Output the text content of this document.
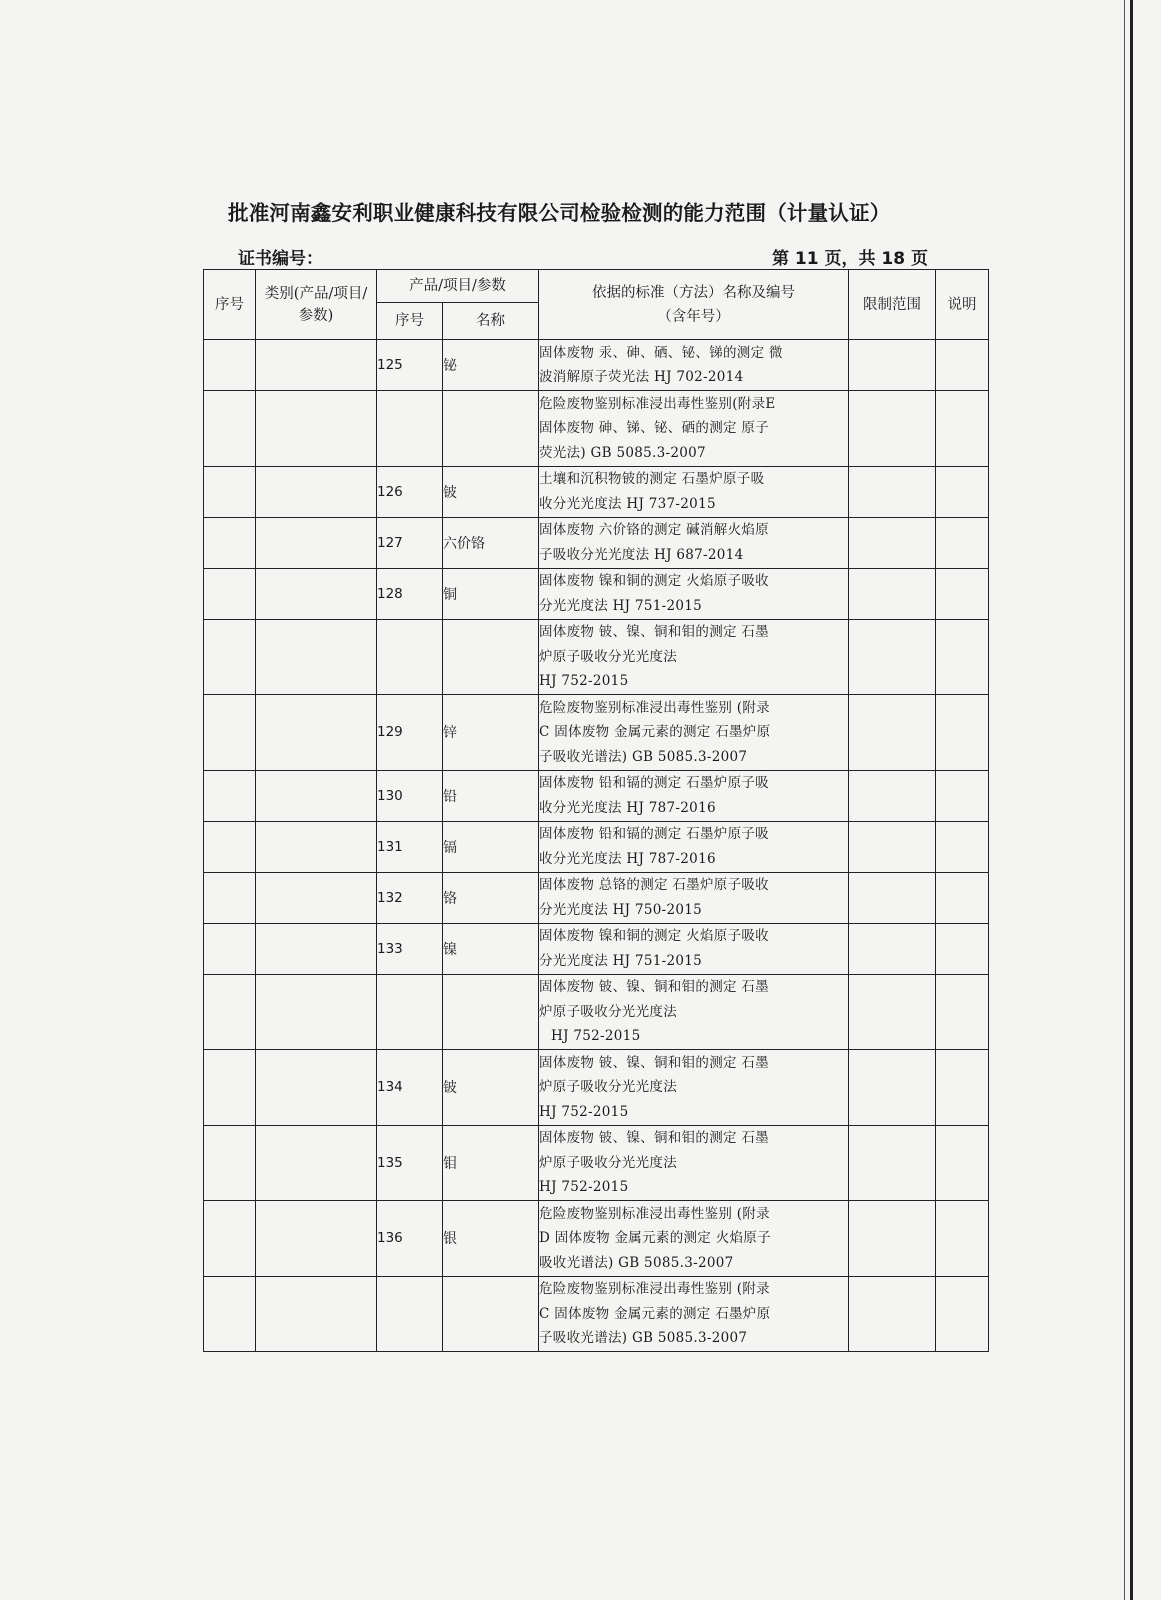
批准河南鑫安利职业健康科技有限公司检验检测的能力范围（计量认证）
证书编号：	第 11 页，共 18 页
序号	类别(产品/项目/参数)	产品/项目/参数		依据的标准（方法）名称及编号（含年号）	限制范围	说明
		序号	名称			
		125	铋	固体废物 汞、砷、硒、铋、锑的测定 微
波消解原子荧光法 HJ 702-2014		

				危险废物鉴别标准浸出毒性鉴别(附录E
固体废物 砷、锑、铋、硒的测定 原子
荧光法) GB 5085.3-2007		

		126	铍	土壤和沉积物铍的测定 石墨炉原子吸
收分光光度法 HJ 737-2015		

		127	六价铬	固体废物 六价铬的测定 碱消解火焰原
子吸收分光光度法 HJ 687-2014		

		128	铜	固体废物 镍和铜的测定 火焰原子吸收
分光光度法 HJ 751-2015		

				固体废物 铍、镍、铜和钼的测定 石墨
炉原子吸收分光光度法
HJ 752-2015		

		129	锌	危险废物鉴别标准浸出毒性鉴别 (附录
C 固体废物 金属元素的测定 石墨炉原
子吸收光谱法) GB 5085.3-2007		

		130	铅	固体废物 铅和镉的测定 石墨炉原子吸
收分光光度法 HJ 787-2016		

		131	镉	固体废物 铅和镉的测定 石墨炉原子吸
收分光光度法 HJ 787-2016		

		132	铬	固体废物 总铬的测定 石墨炉原子吸收
分光光度法 HJ 750-2015		

		133	镍	固体废物 镍和铜的测定 火焰原子吸收
分光光度法 HJ 751-2015		

				固体废物 铍、镍、铜和钼的测定 石墨
炉原子吸收分光光度法
HJ 752-2015		

		134	铍	固体废物 铍、镍、铜和钼的测定 石墨
炉原子吸收分光光度法
HJ 752-2015		

		135	钼	固体废物 铍、镍、铜和钼的测定 石墨
炉原子吸收分光光度法
HJ 752-2015		

		136	银	危险废物鉴别标准浸出毒性鉴别 (附录
D 固体废物 金属元素的测定 火焰原子
吸收光谱法) GB 5085.3-2007		

				危险废物鉴别标准浸出毒性鉴别 (附录
C 固体废物 金属元素的测定 石墨炉原
子吸收光谱法) GB 5085.3-2007		
